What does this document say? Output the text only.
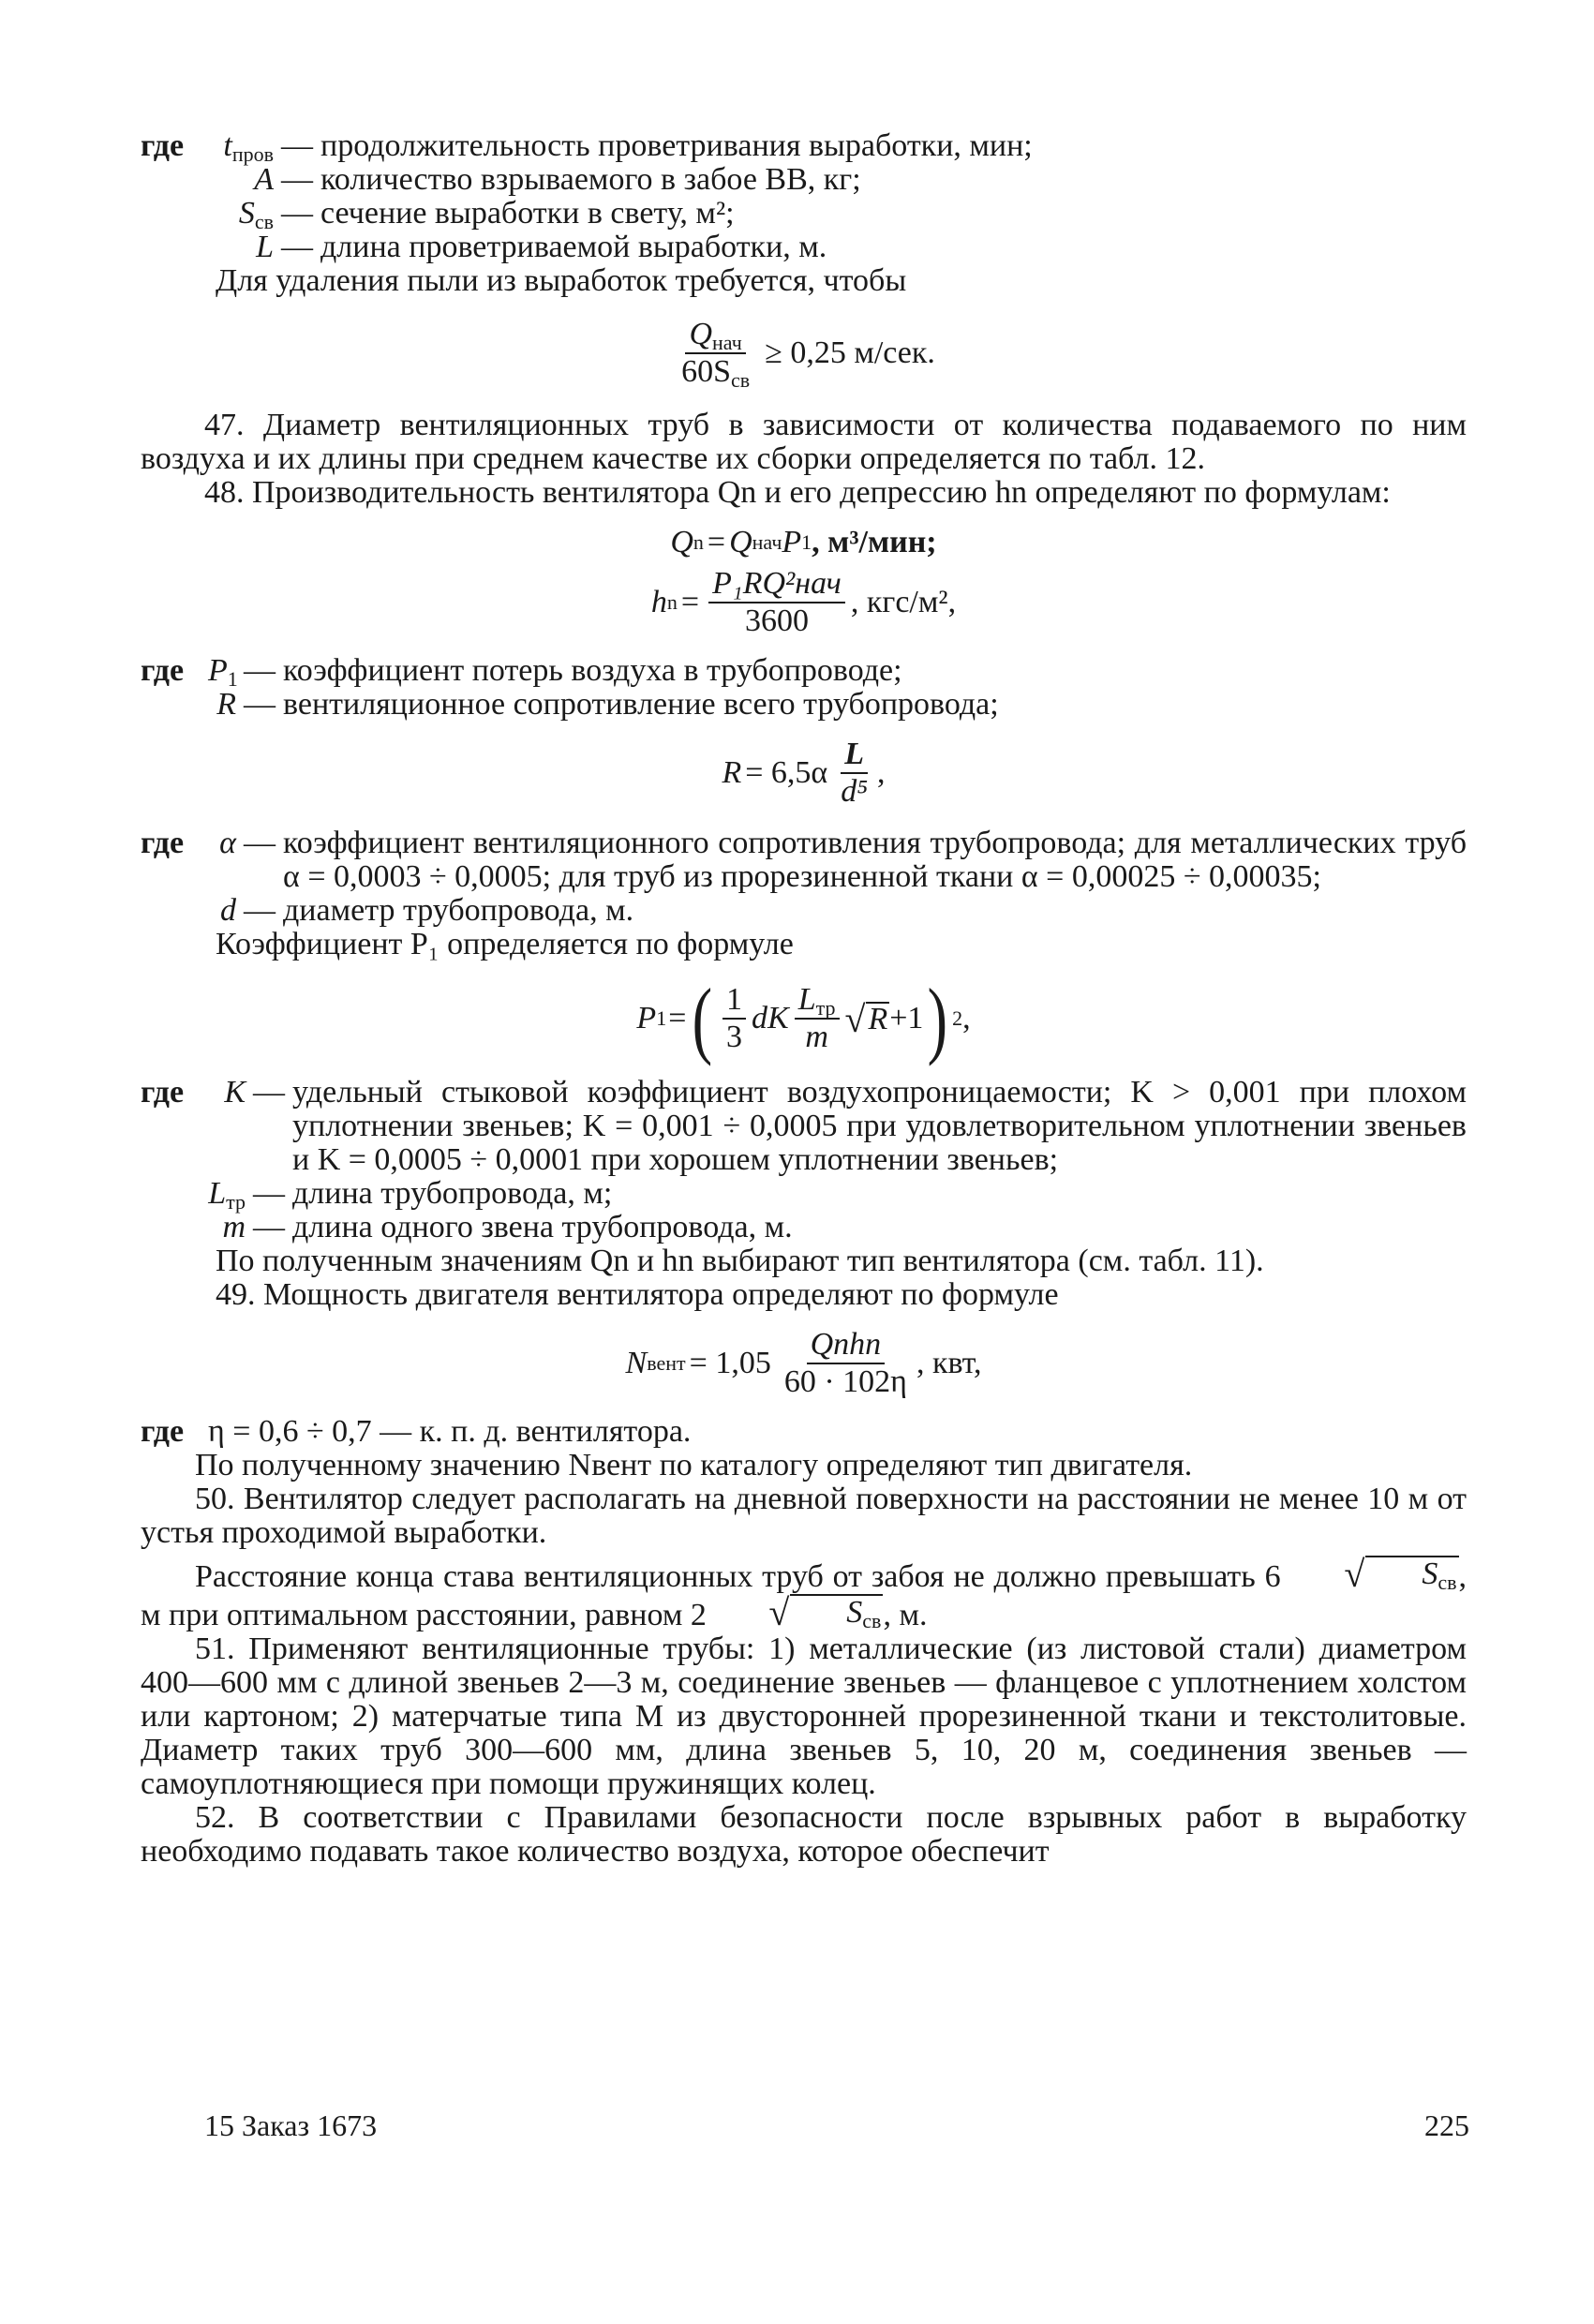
где	$t_{пров}$ — продолжительность проветривания выработки, мин;
A — количество взрываемого в забое ВВ, кг;
$S_{св}$ — сечение выработки в свету, м²;
L — длина проветриваемой выработки, м.

Для удаления пыли из выработок требуется, чтобы

$\frac{Q_{нач}}{60S_{св}} \ge 0,25$ м/сек.

47. Диаметр вентиляционных труб в зависимости от количества подаваемого по ним воздуха и их длины при среднем качестве их сборки определяется по табл. 12.

48. Производительность вентилятора Qn и его депрессию hn определяют по формулам:

Q n = Q нач P 1 , м³/мин;
h $n = \frac{\text{P₁RQ²нач}}{3600}$ , кгс/м²,
где $P_1$ — коэффициент потерь воздуха в трубопроводе;
R — вентиляционное сопротивление всего трубопровода;
$R = 6,5\alpha \frac{L}{\text{d⁵}}$ ,
где	α — коэффициент вентиляционного сопротивления трубопровода; для металлических труб α = 0,0003 ÷ 0,0005; для труб из прорезиненной ткани α = 0,00025 ÷ 0,00035;
d — диаметр трубопровода, м.

Коэффициент P₁ определяется по формуле

P 1 = ( $\frac{1}{3}$ dK $\frac{L_{тр}}{m}$ √ R +1 ) 2 ,
где	K — удельный стыковой коэффициент воздухопроницаемости; K > 0,001 при плохом уплотнении звеньев; K = 0,001 ÷ 0,0005 при удовлетворительном уплотнении звеньев и K = 0,0005 ÷ 0,0001 при хорошем уплотнении звеньев;
$L_{тр}$ — длина трубопровода, м;
m — длина одного звена трубопровода, м.

По полученным значениям Qn и hn выбирают тип вентилятора (см. табл. 11).

49. Мощность двигателя вентилятора определяют по формуле

N вент = $1,05 \frac{\text{Qnhn}}{60 \cdot 102\eta}$ , квт,
где η = 0,6 ÷ 0,7 — к. п. д. вентилятора.

По полученному значению Nвент по каталогу определяют тип двигателя.

50. Вентилятор следует располагать на дневной поверхности на расстоянии не менее 10 м от устья проходимой выработки.

Расстояние конца става вентиляционных труб от забоя не должно превышать 6	√	$S_{св}$ , м при оптимальном расстоянии, равном 2	√	$S_{св}$ , м.

51. Применяют вентиляционные трубы: 1) металлические (из листовой стали) диаметром 400—600 мм с длиной звеньев 2—3 м, соединение звеньев — фланцевое с уплотнением холстом или картоном; 2) матерчатые типа М из двусторонней прорезиненной ткани и текстолитовые. Диаметр таких труб 300—600 мм, длина звеньев 5, 10, 20 м, соединения звеньев — самоуплотняющиеся при помощи пружинящих колец.

52. В соответствии с Правилами безопасности после взрывных работ в выработку необходимо подавать такое количество воздуха, которое обеспечит

15 Заказ 1673	225
